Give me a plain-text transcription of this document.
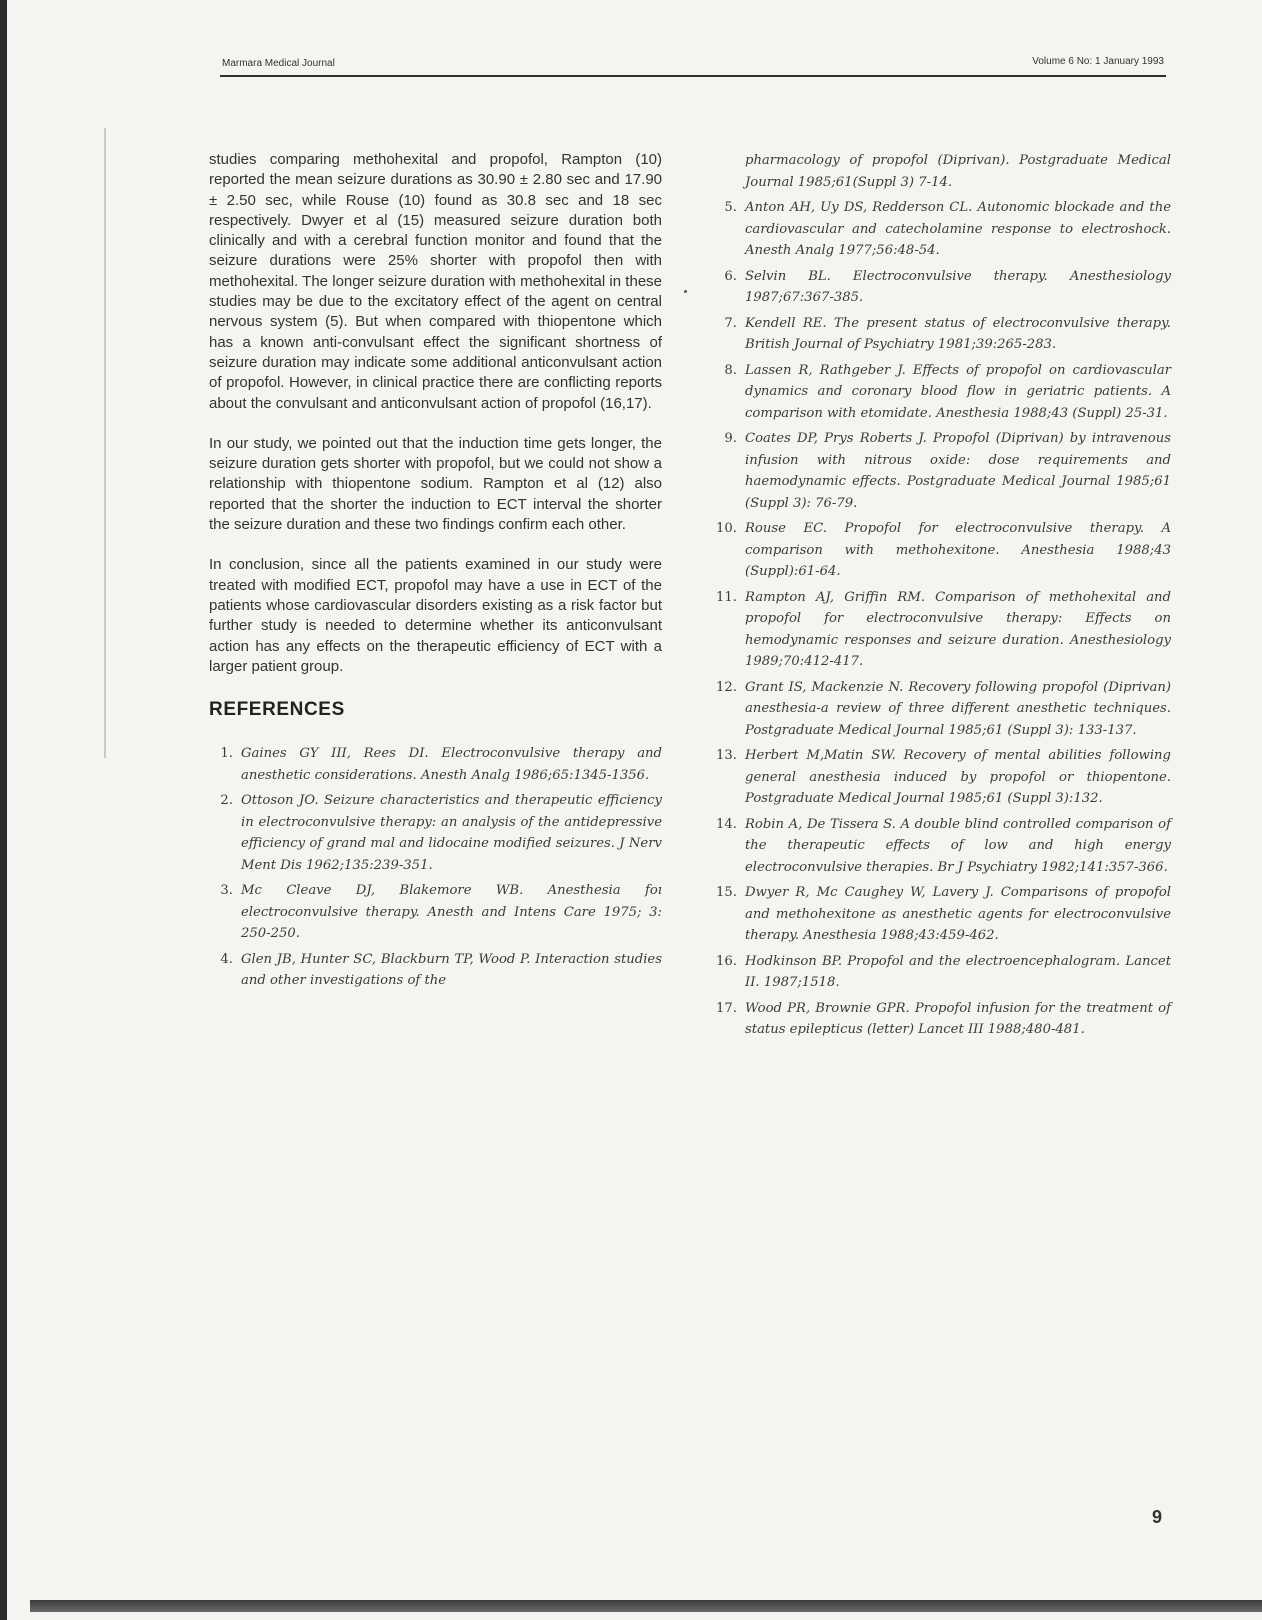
Marmara Medical Journal	Volume 6 No: 1 January 1993

studies comparing methohexital and propofol, Rampton (10) reported the mean seizure durations as 30.90 ± 2.80 sec and 17.90 ± 2.50 sec, while Rouse (10) found as 30.8 sec and 18 sec respectively. Dwyer et al (15) measured seizure duration both clinically and with a cerebral function monitor and found that the seizure durations were 25% shorter with propofol then with methohexital. The longer seizure duration with methohexital in these studies may be due to the excitatory effect of the agent on central nervous system (5). But when compared with thiopentone which has a known anti-convulsant effect the significant shortness of seizure duration may indicate some additional anticonvulsant action of propofol. However, in clinical practice there are conflicting reports about the convulsant and anticonvulsant action of propofol (16,17).

In our study, we pointed out that the induction time gets longer, the seizure duration gets shorter with propofol, but we could not show a relationship with thiopentone sodium. Rampton et al (12) also reported that the shorter the induction to ECT interval the shorter the seizure duration and these two findings confirm each other.

In conclusion, since all the patients examined in our study were treated with modified ECT, propofol may have a use in ECT of the patients whose cardiovascular disorders existing as a risk factor but further study is needed to determine whether its anticonvulsant action has any effects on the therapeutic efficiency of ECT with a larger patient group.

REFERENCES
1. Gaines GY III, Rees DI. Electroconvulsive therapy and anesthetic considerations. Anesth Analg 1986;65:1345-1356.
2. Ottoson JO. Seizure characteristics and therapeutic efficiency in electroconvulsive therapy: an analysis of the antidepressive efficiency of grand mal and lidocaine modified seizures. J Nerv Ment Dis 1962;135:239-351.
3. Mc Cleave DJ, Blakemore WB. Anesthesia foı electroconvulsive therapy. Anesth and Intens Care 1975; 3: 250-250.
4. Glen JB, Hunter SC, Blackburn TP, Wood P. Interaction studies and other investigations of the

pharmacology of propofol (Diprivan). Postgraduate Medical Journal 1985;61(Suppl 3) 7-14.

5. Anton AH, Uy DS, Redderson CL. Autonomic blockade and the cardiovascular and catecholamine response to electroshock. Anesth Analg 1977;56:48-54.
6. Selvin BL. Electroconvulsive therapy. Anesthesiology 1987;67:367-385.
7. Kendell RE. The present status of electroconvulsive therapy. British Journal of Psychiatry 1981;39:265-283.
8. Lassen R, Rathgeber J. Effects of propofol on cardiovascular dynamics and coronary blood flow in geriatric patients. A comparison with etomidate. Anesthesia 1988;43 (Suppl) 25-31.
9. Coates DP, Prys Roberts J. Propofol (Diprivan) by intravenous infusion with nitrous oxide: dose requirements and haemodynamic effects. Postgraduate Medical Journal 1985;61 (Suppl 3): 76-79.
10. Rouse EC. Propofol for electroconvulsive therapy. A comparison with methohexitone. Anesthesia 1988;43 (Suppl):61-64.
11. Rampton AJ, Griffin RM. Comparison of methohexital and propofol for electroconvulsive therapy: Effects on hemodynamic responses and seizure duration. Anesthesiology 1989;70:412-417.
12. Grant IS, Mackenzie N. Recovery following propofol (Diprivan) anesthesia-a review of three different anesthetic techniques. Postgraduate Medical Journal 1985;61 (Suppl 3): 133-137.
13. Herbert M,Matin SW. Recovery of mental abilities following general anesthesia induced by propofol or thiopentone. Postgraduate Medical Journal 1985;61 (Suppl 3):132.
14. Robin A, De Tissera S. A double blind controlled comparison of the therapeutic effects of low and high energy electroconvulsive therapies. Br J Psychiatry 1982;141:357-366.
15. Dwyer R, Mc Caughey W, Lavery J. Comparisons of propofol and methohexitone as anesthetic agents for electroconvulsive therapy. Anesthesia 1988;43:459-462.
16. Hodkinson BP. Propofol and the electroencephalogram. Lancet II. 1987;1518.
17. Wood PR, Brownie GPR. Propofol infusion for the treatment of status epilepticus (letter) Lancet III 1988;480-481.
9
